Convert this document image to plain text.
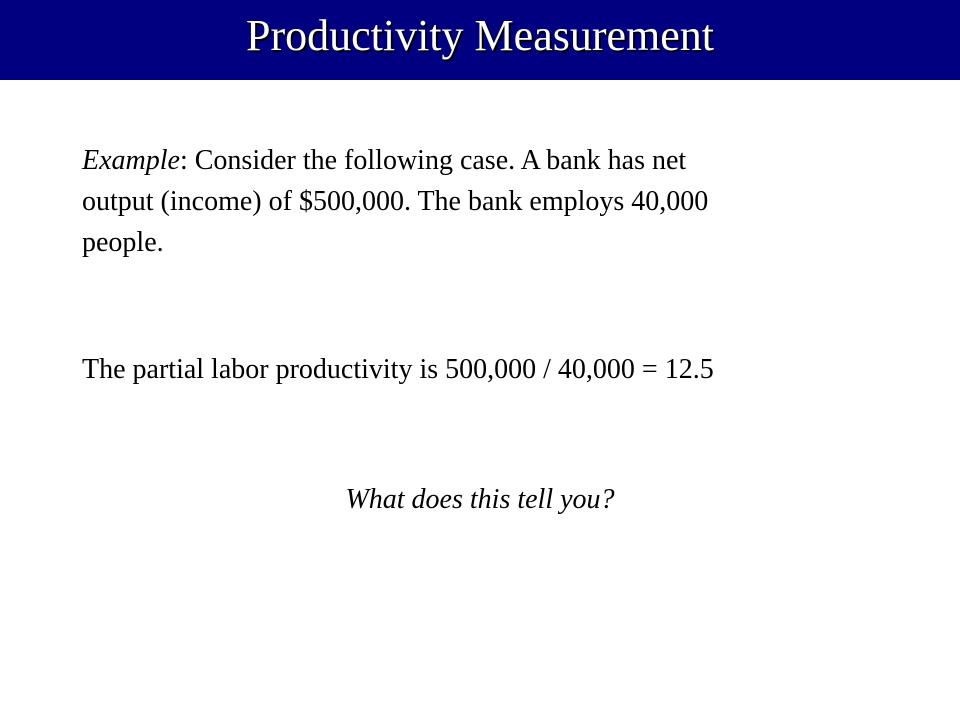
Productivity Measurement
Example: Consider the following case. A bank has net
output (income) of $500,000. The bank employs 40,000
people.
The partial labor productivity is 500,000 / 40,000 = 12.5
What does this tell you?
